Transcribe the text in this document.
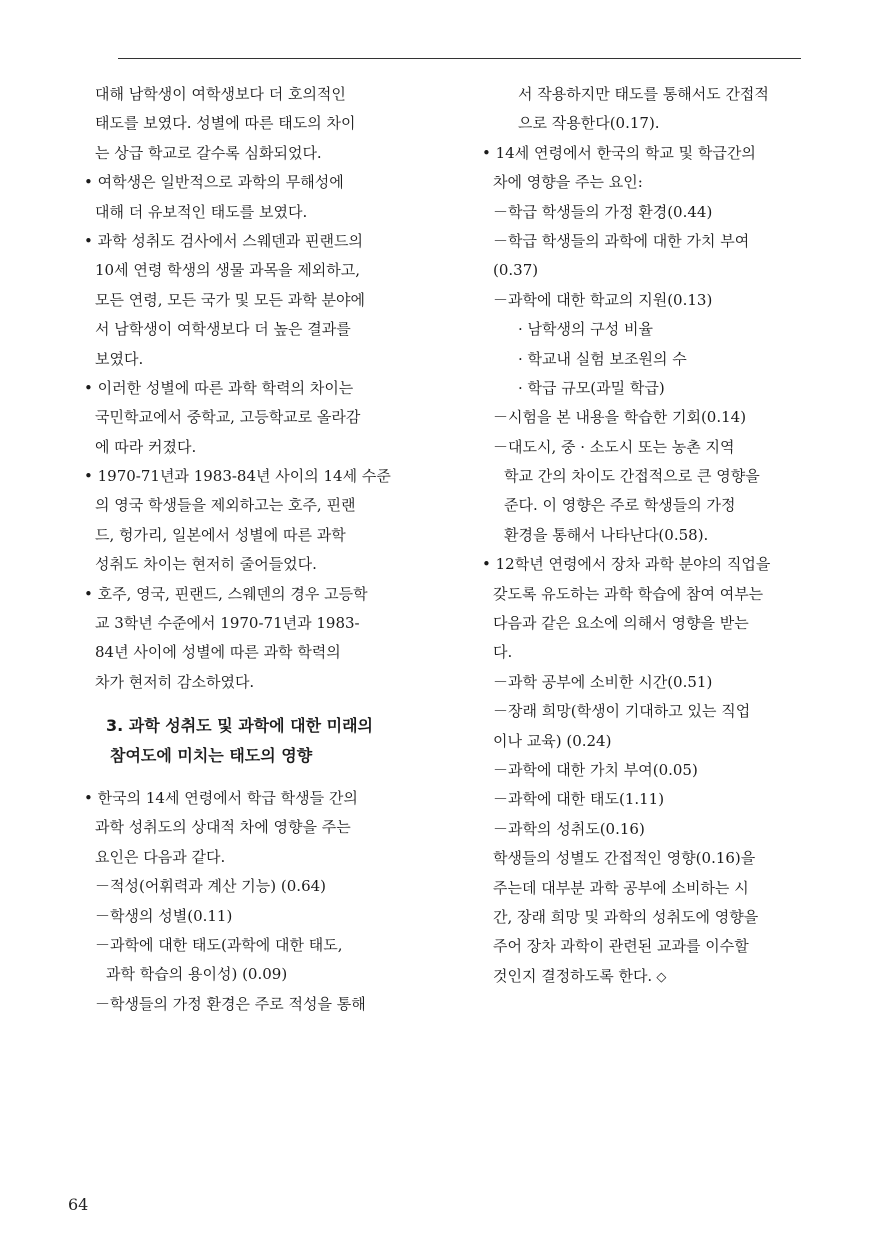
대해 남학생이 여학생보다 더 호의적인
태도를 보였다. 성별에 따른 태도의 차이
는 상급 학교로 갈수록 심화되었다.
• 여학생은 일반적으로 과학의 무해성에
대해 더 유보적인 태도를 보였다.
• 과학 성취도 검사에서 스웨덴과 핀랜드의
10세 연령 학생의 생물 과목을 제외하고,
모든 연령, 모든 국가 및 모든 과학 분야에
서 남학생이 여학생보다 더 높은 결과를
보였다.
• 이러한 성별에 따른 과학 학력의 차이는
국민학교에서 중학교, 고등학교로 올라감
에 따라 커졌다.
• 1970-71년과 1983-84년 사이의 14세 수준
의 영국 학생들을 제외하고는 호주, 핀랜
드, 헝가리, 일본에서 성별에 따른 과학
성취도 차이는 현저히 줄어들었다.
• 호주, 영국, 핀랜드, 스웨덴의 경우 고등학
교 3학년 수준에서 1970-71년과 1983-
84년 사이에 성별에 따른 과학 학력의
차가 현저히 감소하였다.
3. 과학 성취도 및 과학에 대한 미래의
참여도에 미치는 태도의 영향
• 한국의 14세 연령에서 학급 학생들 간의
과학 성취도의 상대적 차에 영향을 주는
요인은 다음과 같다.
－적성(어휘력과 계산 기능) (0.64)
－학생의 성별(0.11)
－과학에 대한 태도(과학에 대한 태도,
과학 학습의 용이성) (0.09)
－학생들의 가정 환경은 주로 적성을 통해
서 작용하지만 태도를 통해서도 간접적
으로 작용한다(0.17).
• 14세 연령에서 한국의 학교 및 학급간의
차에 영향을 주는 요인:
－학급 학생들의 가정 환경(0.44)
－학급 학생들의 과학에 대한 가치 부여
(0.37)
－과학에 대한 학교의 지원(0.13)
· 남학생의 구성 비율
· 학교내 실험 보조원의 수
· 학급 규모(과밀 학급)
－시험을 본 내용을 학습한 기회(0.14)
－대도시, 중 · 소도시 또는 농촌 지역
학교 간의 차이도 간접적으로 큰 영향을
준다. 이 영향은 주로 학생들의 가정
환경을 통해서 나타난다(0.58).
• 12학년 연령에서 장차 과학 분야의 직업을
갖도록 유도하는 과학 학습에 참여 여부는
다음과 같은 요소에 의해서 영향을 받는
다.
－과학 공부에 소비한 시간(0.51)
－장래 희망(학생이 기대하고 있는 직업
이나 교육) (0.24)
－과학에 대한 가치 부여(0.05)
－과학에 대한 태도(1.11)
－과학의 성취도(0.16)
학생들의 성별도 간접적인 영향(0.16)을
주는데 대부분 과학 공부에 소비하는 시
간, 장래 희망 및 과학의 성취도에 영향을
주어 장차 과학이 관련된 교과를 이수할
것인지 결정하도록 한다. ◇
64
